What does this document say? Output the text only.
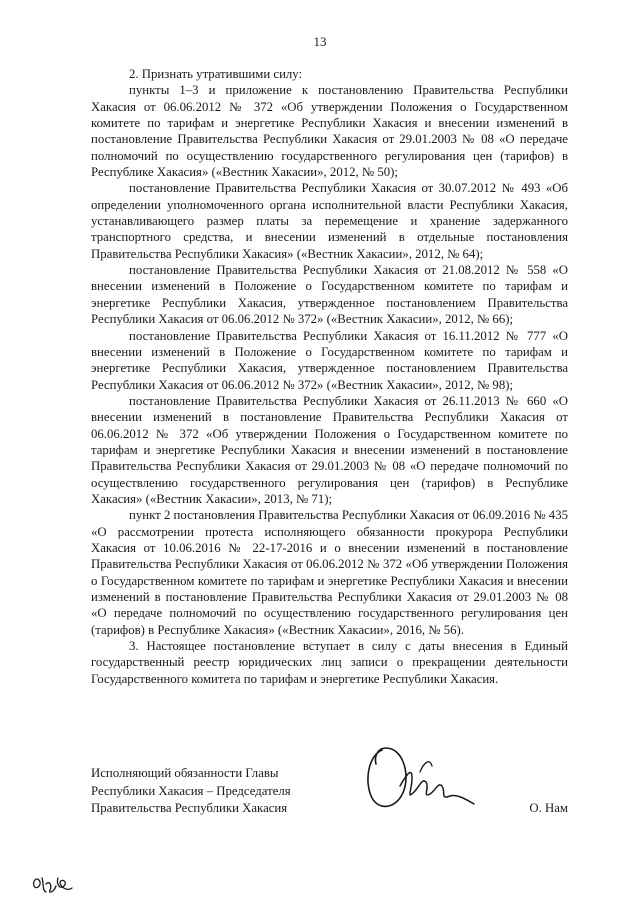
13

2. Признать утратившими силу:

пункты 1–3 и приложение к постановлению Правительства Республики Хакасия от 06.06.2012 № 372 «Об утверждении Положения о Государственном комитете по тарифам и энергетике Республики Хакасия и внесении изменений в постановление Правительства Республики Хакасия от 29.01.2003 № 08 «О передаче полномочий по осуществлению государственного регулирования цен (тарифов) в Республике Хакасия» («Вестник Хакасии», 2012, № 50);

постановление Правительства Республики Хакасия от 30.07.2012 № 493 «Об определении уполномоченного органа исполнительной власти Республики Хакасия, устанавливающего размер платы за перемещение и хранение задержанного транспортного средства, и внесении изменений в отдельные постановления Правительства Республики Хакасия» («Вестник Хакасии», 2012, № 64);

постановление Правительства Республики Хакасия от 21.08.2012 № 558 «О внесении изменений в Положение о Государственном комитете по тарифам и энергетике Республики Хакасия, утвержденное постановлением Правительства Республики Хакасия от 06.06.2012 № 372» («Вестник Хакасии», 2012, № 66);

постановление Правительства Республики Хакасия от 16.11.2012 № 777 «О внесении изменений в Положение о Государственном комитете по тарифам и энергетике Республики Хакасия, утвержденное постановлением Правительства Республики Хакасия от 06.06.2012 № 372» («Вестник Хакасии», 2012, № 98);

постановление Правительства Республики Хакасия от 26.11.2013 № 660 «О внесении изменений в постановление Правительства Республики Хакасия от 06.06.2012 № 372 «Об утверждении Положения о Государственном комитете по тарифам и энергетике Республики Хакасия и внесении изменений в постановление Правительства Республики Хакасия от 29.01.2003 № 08 «О передаче полномочий по осуществлению государственного регулирования цен (тарифов) в Республике Хакасия» («Вестник Хакасии», 2013, № 71);

пункт 2 постановления Правительства Республики Хакасия от 06.09.2016 № 435 «О рассмотрении протеста исполняющего обязанности прокурора Республики Хакасия от 10.06.2016 № 22-17-2016 и о внесении изменений в постановление Правительства Республики Хакасия от 06.06.2012 № 372 «Об утверждении Положения о Государственном комитете по тарифам и энергетике Республики Хакасия и внесении изменений в постановление Правительства Республики Хакасия от 29.01.2003 № 08 «О передаче полномочий по осуществлению государственного регулирования цен (тарифов) в Республике Хакасия» («Вестник Хакасии», 2016, № 56).

3. Настоящее постановление вступает в силу с даты внесения в Единый государственный реестр юридических лиц записи о прекращении деятельности Государственного комитета по тарифам и энергетике Республики Хакасия.

Исполняющий обязанности Главы
Республики Хакасия – Председателя
Правительства Республики Хакасия	О. Нам
